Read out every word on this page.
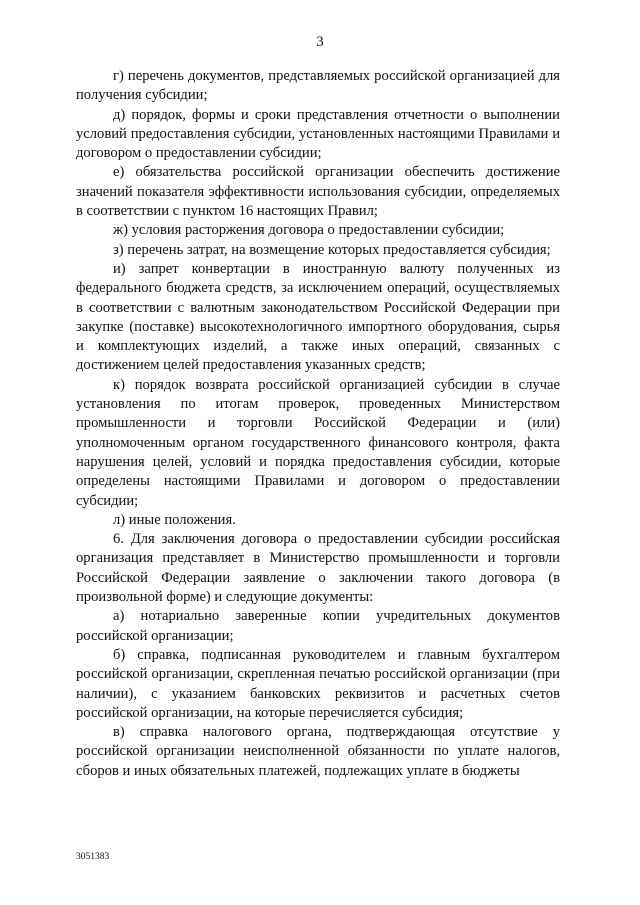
3

г) перечень документов, представляемых российской организацией для получения субсидии;

д) порядок, формы и сроки представления отчетности о выполнении условий предоставления субсидии, установленных настоящими Правилами и договором о предоставлении субсидии;

е) обязательства российской организации обеспечить достижение значений показателя эффективности использования субсидии, определяемых в соответствии с пунктом 16 настоящих Правил;

ж) условия расторжения договора о предоставлении субсидии;

з) перечень затрат, на возмещение которых предоставляется субсидия;

и) запрет конвертации в иностранную валюту полученных из федерального бюджета средств, за исключением операций, осуществляемых в соответствии с валютным законодательством Российской Федерации при закупке (поставке) высокотехнологичного импортного оборудования, сырья и комплектующих изделий, а также иных операций, связанных с достижением целей предоставления указанных средств;

к) порядок возврата российской организацией субсидии в случае установления по итогам проверок, проведенных Министерством промышленности и торговли Российской Федерации и (или) уполномоченным органом государственного финансового контроля, факта нарушения целей, условий и порядка предоставления субсидии, которые определены настоящими Правилами и договором о предоставлении субсидии;

л) иные положения.

6. Для заключения договора о предоставлении субсидии российская организация представляет в Министерство промышленности и торговли Российской Федерации заявление о заключении такого договора (в произвольной форме) и следующие документы:

а) нотариально заверенные копии учредительных документов российской организации;

б) справка, подписанная руководителем и главным бухгалтером российской организации, скрепленная печатью российской организации (при наличии), с указанием банковских реквизитов и расчетных счетов российской организации, на которые перечисляется субсидия;

в) справка налогового органа, подтверждающая отсутствие у российской организации неисполненной обязанности по уплате налогов, сборов и иных обязательных платежей, подлежащих уплате в бюджеты

3051383
